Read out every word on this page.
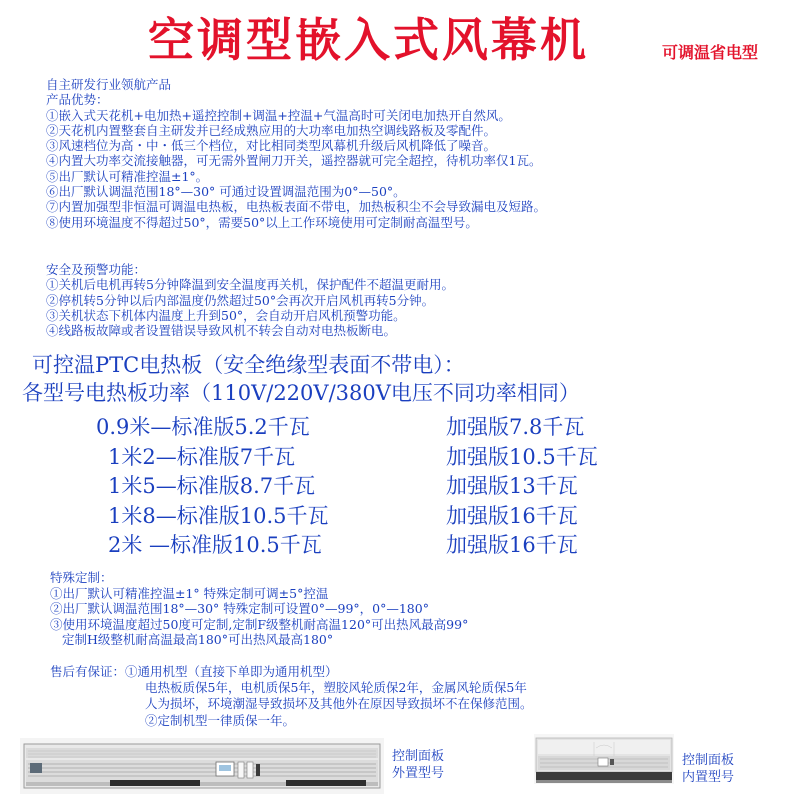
空调型嵌入式风幕机	可调温省电型
自主研发行业领航产品
产品优势：
①嵌入式天花机+电加热+遥控控制+调温+控温+气温高时可关闭电加热开自然风。
②天花机内置整套自主研发并已经成熟应用的大功率电加热空调线路板及零配件。
③风速档位为高・中・低三个档位，对比相同类型风幕机升级后风机降低了噪音。
④内置大功率交流接触器，可无需外置闸刀开关，遥控器就可完全超控，待机功率仅1瓦。
⑤出厂默认可精准控温±1°。
⑥出厂默认调温范围18°—30° 可通过设置调温范围为0°—50°。
⑦内置加强型非恒温可调温电热板，电热板表面不带电，加热板积尘不会导致漏电及短路。
⑧使用环境温度不得超过50°，需要50°以上工作环境使用可定制耐高温型号。
安全及预警功能：
①关机后电机再转5分钟降温到安全温度再关机，保护配件不超温更耐用。
②停机转5分钟以后内部温度仍然超过50°会再次开启风机再转5分钟。
③关机状态下机体内温度上升到50°，会自动开启风机预警功能。
④线路板故障或者设置错误导致风机不转会自动对电热板断电。
可控温PTC电热板（安全绝缘型表面不带电）：
各型号电热板功率（110V/220V/380V电压不同功率相同）
0.9米—标准版5.2千瓦
1米2—标准版7千瓦
1米5—标准版8.7千瓦
1米8—标准版10.5千瓦
2米 —标准版10.5千瓦
加强版7.8千瓦
加强版10.5千瓦
加强版13千瓦
加强版16千瓦
加强版16千瓦
特殊定制：
①出厂默认可精准控温±1° 特殊定制可调±5°控温
②出厂默认调温范围18°—30° 特殊定制可设置0°—99°，0°—180°
③使用环境温度超过50度可定制,定制F级整机耐高温120°可出热风最高99°
定制H级整机耐高温最高180°可出热风最高180°
售后有保证：①通用机型（直接下单即为通用机型）
电热板质保5年，电机质保5年，塑胶风轮质保2年，金属风轮质保5年
人为损坏，环境潮湿导致损坏及其他外在原因导致损坏不在保修范围。
②定制机型一律质保一年。
控制面板
外置型号
控制面板
内置型号
